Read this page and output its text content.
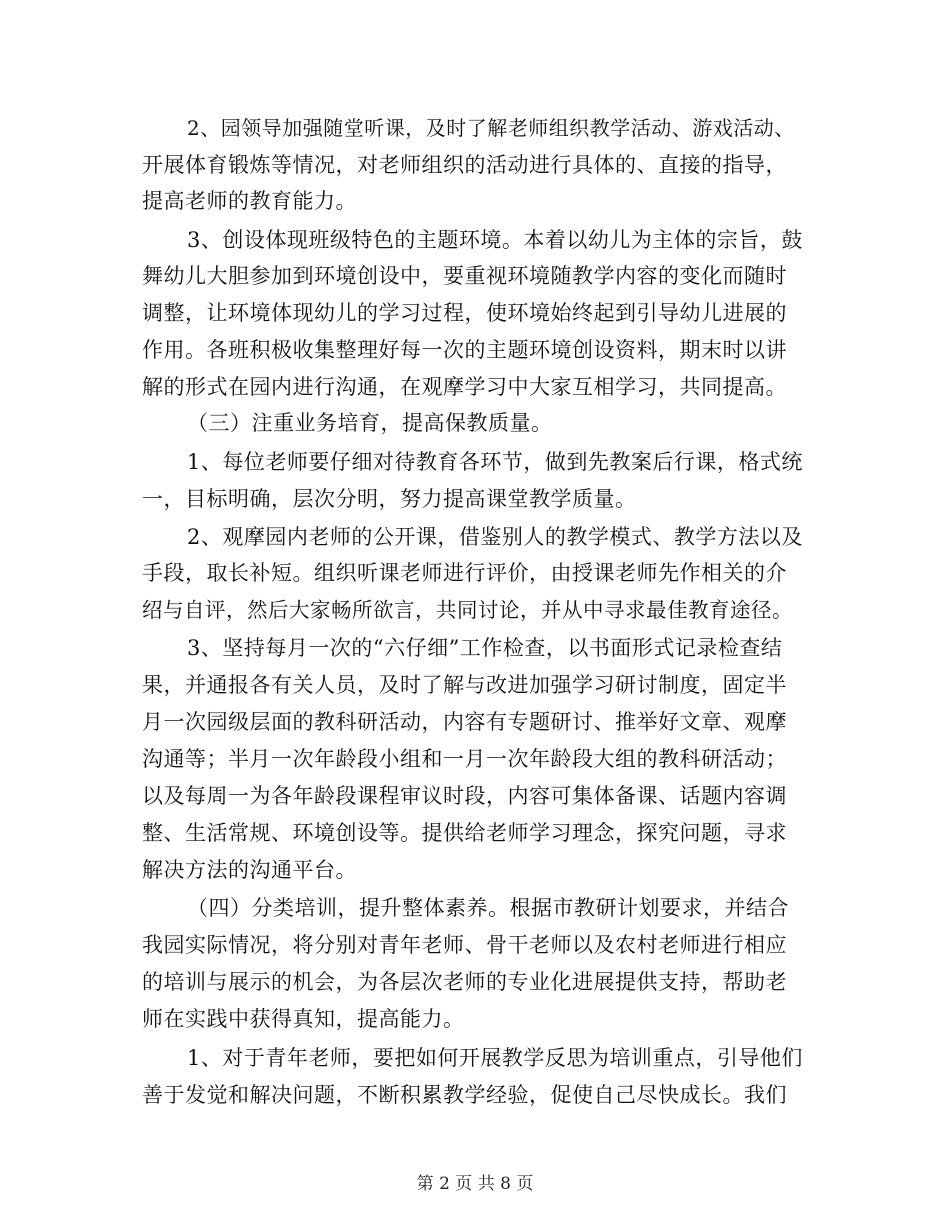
2、园领导加强随堂听课，及时了解老师组织教学活动、游戏活动、
开展体育锻炼等情况，对老师组织的活动进行具体的、直接的指导，
提高老师的教育能力。
3、创设体现班级特色的主题环境。本着以幼儿为主体的宗旨，鼓
舞幼儿大胆参加到环境创设中，要重视环境随教学内容的变化而随时
调整，让环境体现幼儿的学习过程，使环境始终起到引导幼儿进展的
作用。各班积极收集整理好每一次的主题环境创设资料，期末时以讲
解的形式在园内进行沟通，在观摩学习中大家互相学习，共同提高。
（三）注重业务培育，提高保教质量。
1、每位老师要仔细对待教育各环节，做到先教案后行课，格式统
一，目标明确，层次分明，努力提高课堂教学质量。
2、观摩园内老师的公开课，借鉴别人的教学模式、教学方法以及
手段，取长补短。组织听课老师进行评价，由授课老师先作相关的介
绍与自评，然后大家畅所欲言，共同讨论，并从中寻求最佳教育途径。
3、坚持每月一次的“六仔细”工作检查，以书面形式记录检查结
果，并通报各有关人员，及时了解与改进加强学习研讨制度，固定半
月一次园级层面的教科研活动，内容有专题研讨、推举好文章、观摩
沟通等；半月一次年龄段小组和一月一次年龄段大组的教科研活动；
以及每周一为各年龄段课程审议时段，内容可集体备课、话题内容调
整、生活常规、环境创设等。提供给老师学习理念，探究问题，寻求
解决方法的沟通平台。
（四）分类培训，提升整体素养。根据市教研计划要求，并结合
我园实际情况，将分别对青年老师、骨干老师以及农村老师进行相应
的培训与展示的机会，为各层次老师的专业化进展提供支持，帮助老
师在实践中获得真知，提高能力。
1、对于青年老师，要把如何开展教学反思为培训重点，引导他们
善于发觉和解决问题，不断积累教学经验，促使自己尽快成长。我们
第 2 页 共 8 页
